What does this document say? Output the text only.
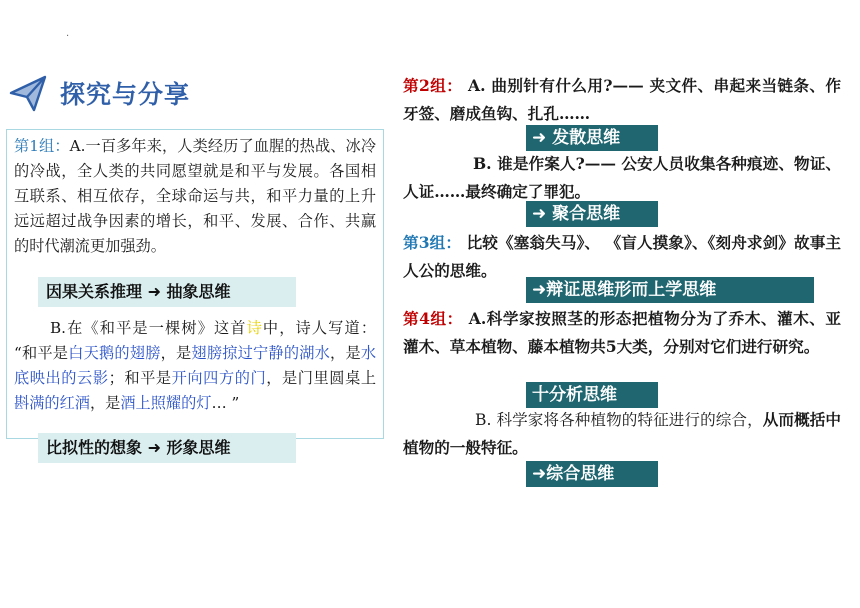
.
探究与分享
第1组：A.一百多年来，人类经历了血腥的热战、冰冷的冷战，全人类的共同愿望就是和平与发展。各国相互联系、相互依存，全球命运与共，和平力量的上升远远超过战争因素的增长，和平、发展、合作、共赢的时代潮流更加强劲。
因果关系推理 ➜ 抽象思维
B.在《和平是一棵树》这首诗中，诗人写道： “和平是白天鹅的翅膀，是翅膀掠过宁静的湖水，是水底映出的云影；和平是开向四方的门，是门里圆桌上斟满的红酒，是酒上照耀的灯… ”
比拟性的想象 ➜ 形象思维
第2组： A. 曲别针有什么用?—— 夹文件、串起来当链条、作牙签、磨成鱼钩、扎孔……
➜ 发散思维
B. 谁是作案人?—— 公安人员收集各种痕迹、物证、人证……最终确定了罪犯。
➜ 聚合思维
第3组： 比较《塞翁失马》、 《盲人摸象》、《刻舟求剑》故事主人公的思维。
➜辩证思维形而上学思维
第4组： A.科学家按照茎的形态把植物分为了乔木、灌木、亚灌木、草本植物、藤本植物共5大类，分别对它们进行研究。
十分析思维
B. 科学家将各种植物的特征进行的综合，从而概括中植物的一般特征。
➜综合思维
